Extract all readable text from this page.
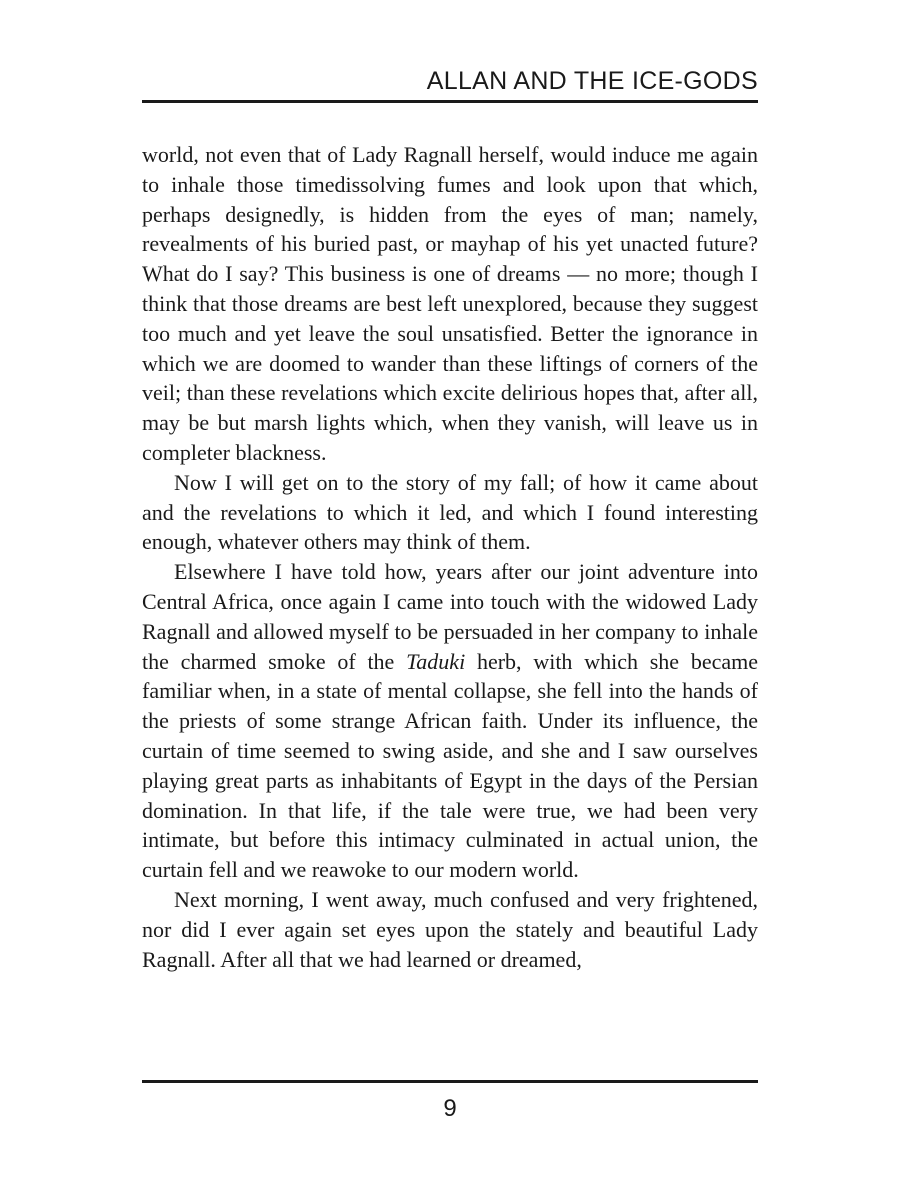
ALLAN AND THE ICE-GODS

world, not even that of Lady Ragnall herself, would induce me again to inhale those timedissolving fumes and look upon that which, perhaps designedly, is hidden from the eyes of man; namely, revealments of his buried past, or mayhap of his yet unacted future? What do I say? This business is one of dreams — no more; though I think that those dreams are best left unexplored, because they suggest too much and yet leave the soul unsatisfied. Better the ignorance in which we are doomed to wander than these liftings of corners of the veil; than these revelations which excite delirious hopes that, after all, may be but marsh lights which, when they vanish, will leave us in completer blackness.

Now I will get on to the story of my fall; of how it came about and the revelations to which it led, and which I found interesting enough, whatever others may think of them.

Elsewhere I have told how, years after our joint adventure into Central Africa, once again I came into touch with the widowed Lady Ragnall and allowed myself to be persuaded in her company to inhale the charmed smoke of the Taduki herb, with which she became familiar when, in a state of mental collapse, she fell into the hands of the priests of some strange African faith. Under its influence, the curtain of time seemed to swing aside, and she and I saw ourselves playing great parts as inhabitants of Egypt in the days of the Persian domination. In that life, if the tale were true, we had been very intimate, but before this intimacy culminated in actual union, the curtain fell and we reawoke to our modern world.

Next morning, I went away, much confused and very frightened, nor did I ever again set eyes upon the stately and beautiful Lady Ragnall. After all that we had learned or dreamed,

9
